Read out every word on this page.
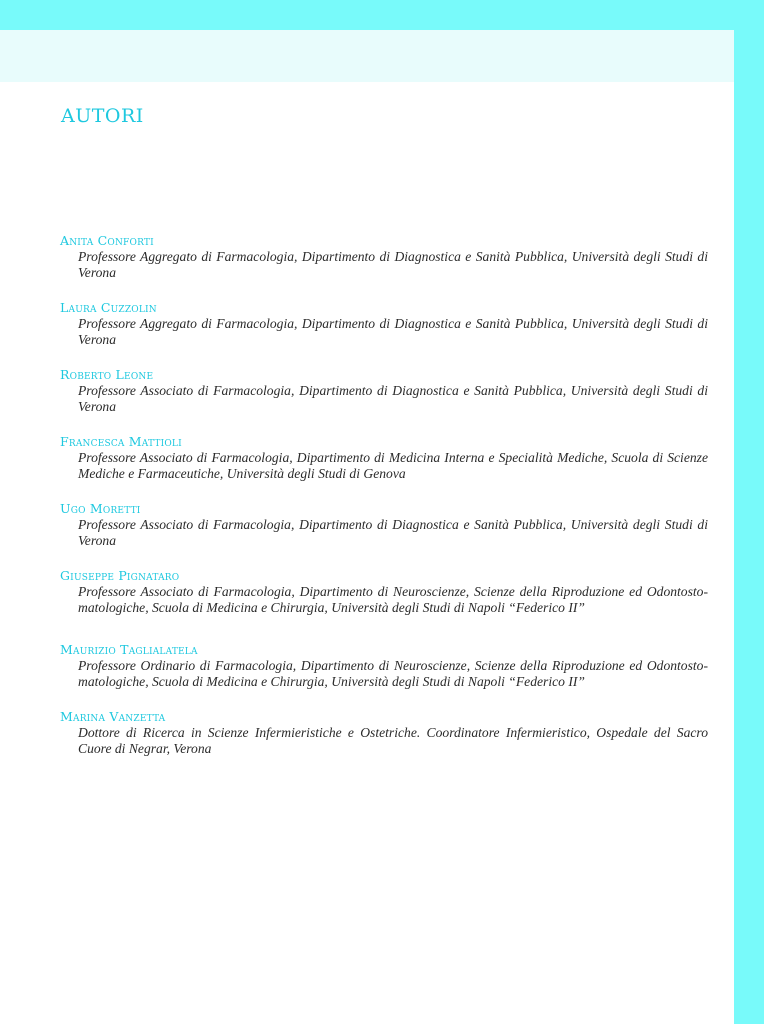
AUTORI
Anita Conforti

Professore Aggregato di Farmacologia, Dipartimento di Diagnostica e Sanità Pubblica, Università degli Studi di Verona

Laura Cuzzolin

Professore Aggregato di Farmacologia, Dipartimento di Diagnostica e Sanità Pubblica, Università degli Studi di Verona

Roberto Leone

Professore Associato di Farmacologia, Dipartimento di Diagnostica e Sanità Pubblica, Università degli Studi di Verona

Francesca Mattioli

Professore Associato di Farmacologia, Dipartimento di Medicina Interna e Specialità Mediche, Scuola di Scienze Mediche e Farmaceutiche, Università degli Studi di Genova

Ugo Moretti

Professore Associato di Farmacologia, Dipartimento di Diagnostica e Sanità Pubblica, Università degli Studi di Verona

Giuseppe Pignataro

Professore Associato di Farmacologia, Dipartimento di Neuroscienze, Scienze della Riproduzione ed Odontosto-matologiche, Scuola di Medicina e Chirurgia, Università degli Studi di Napoli “Federico II”

Maurizio Taglialatela

Professore Ordinario di Farmacologia, Dipartimento di Neuroscienze, Scienze della Riproduzione ed Odontosto-matologiche, Scuola di Medicina e Chirurgia, Università degli Studi di Napoli “Federico II”

Marina Vanzetta

Dottore di Ricerca in Scienze Infermieristiche e Ostetriche. Coordinatore Infermieristico, Ospedale del Sacro Cuore di Negrar, Verona
